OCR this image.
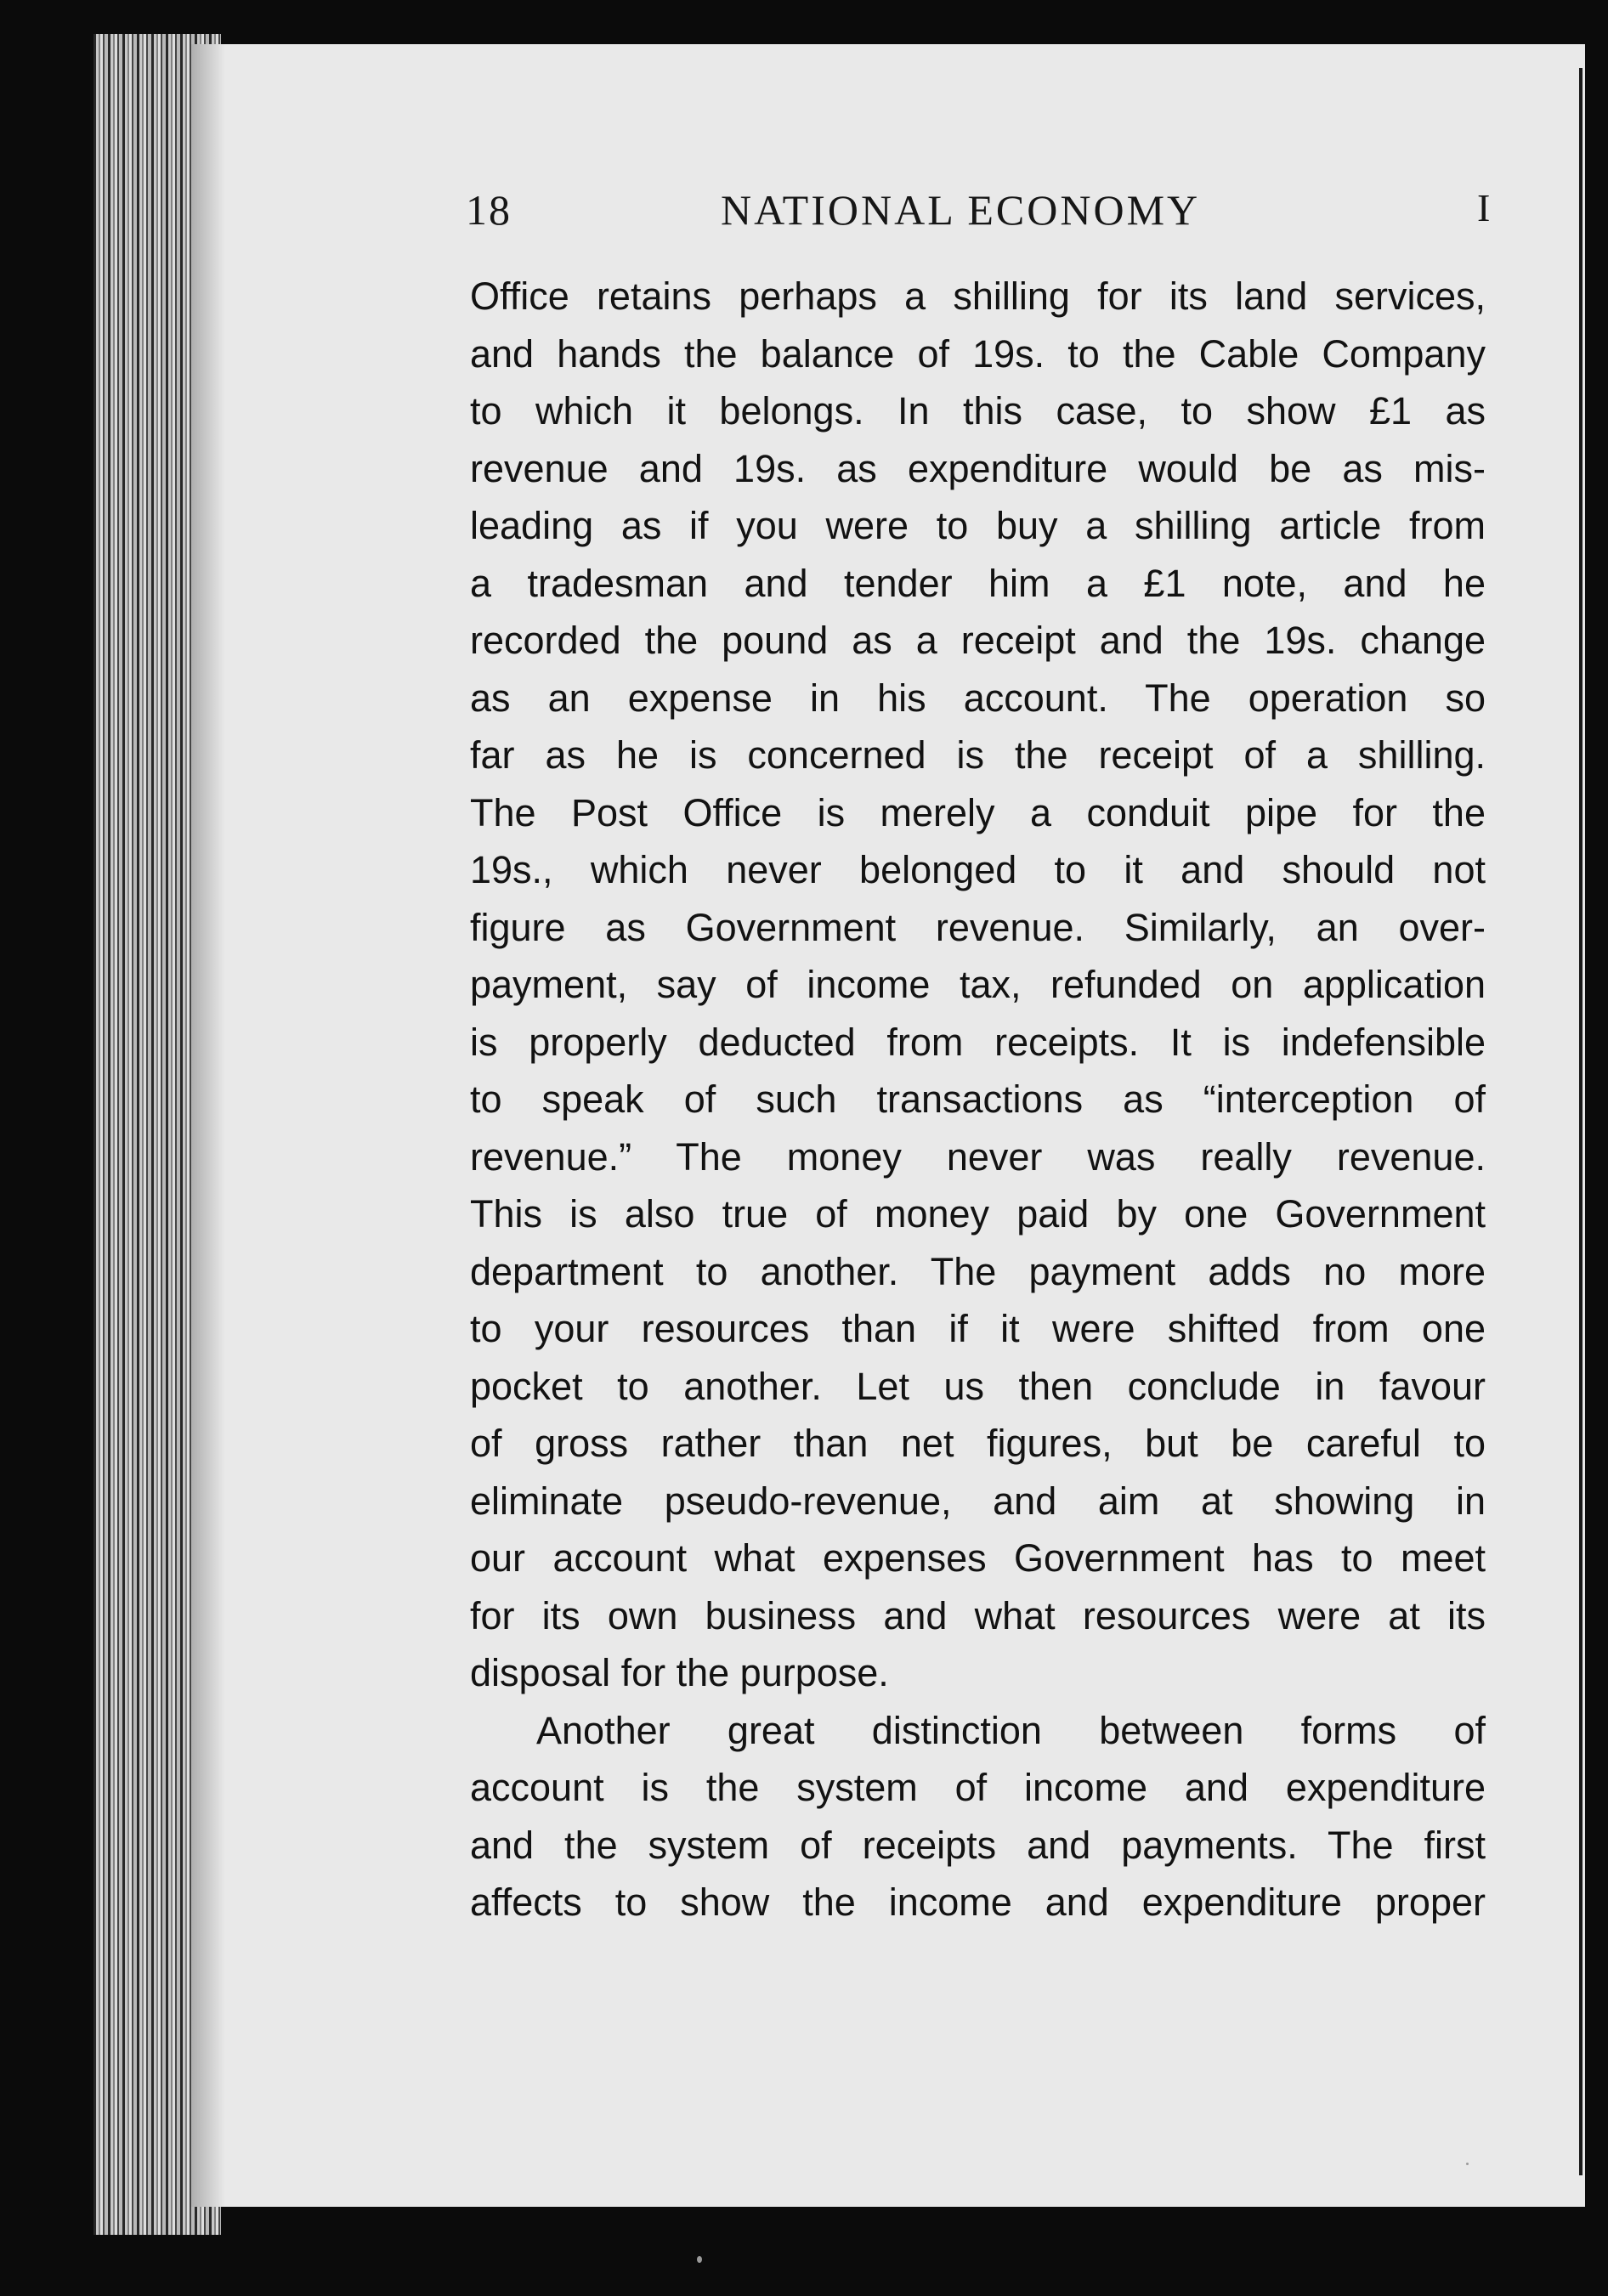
18	NATIONAL ECONOMY	I
Office retains perhaps a shilling for its land services,
and hands the balance of 19s. to the Cable Company
to which it belongs. In this case, to show £1 as
revenue and 19s. as expenditure would be as mis-
leading as if you were to buy a shilling article from
a tradesman and tender him a £1 note, and he
recorded the pound as a receipt and the 19s. change
as an expense in his account. The operation so
far as he is concerned is the receipt of a shilling.
The Post Office is merely a conduit pipe for the
19s., which never belonged to it and should not
figure as Government revenue. Similarly, an over-
payment, say of income tax, refunded on application
is properly deducted from receipts. It is indefensible
to speak of such transactions as “interception of
revenue.” The money never was really revenue.
This is also true of money paid by one Government
department to another. The payment adds no more
to your resources than if it were shifted from one
pocket to another. Let us then conclude in favour
of gross rather than net figures, but be careful to
eliminate pseudo-revenue, and aim at showing in
our account what expenses Government has to meet
for its own business and what resources were at its
disposal for the purpose.
Another great distinction between forms of
account is the system of income and expenditure
and the system of receipts and payments. The first
affects to show the income and expenditure proper
